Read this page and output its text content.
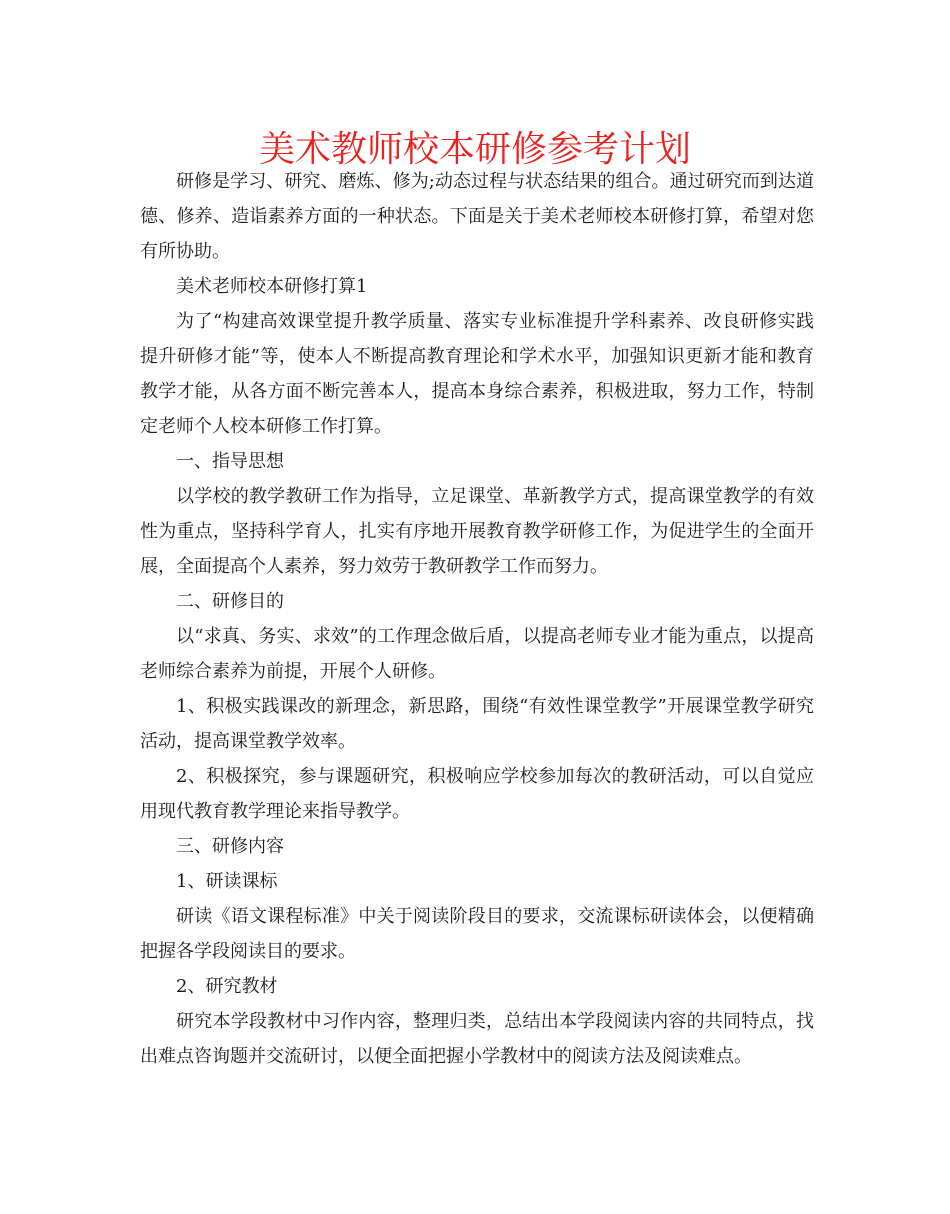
美术教师校本研修参考计划

研修是学习、研究、磨炼、修为;动态过程与状态结果的组合。通过研究而到达道德、修养、造诣素养方面的一种状态。下面是关于美术老师校本研修打算，希望对您有所协助。

美术老师校本研修打算1

为了“构建高效课堂提升教学质量、落实专业标准提升学科素养、改良研修实践提升研修才能”等，使本人不断提高教育理论和学术水平，加强知识更新才能和教育教学才能，从各方面不断完善本人，提高本身综合素养，积极进取，努力工作，特制定老师个人校本研修工作打算。

一、指导思想

以学校的教学教研工作为指导，立足课堂、革新教学方式，提高课堂教学的有效性为重点，坚持科学育人，扎实有序地开展教育教学研修工作，为促进学生的全面开展，全面提高个人素养，努力效劳于教研教学工作而努力。

二、研修目的

以“求真、务实、求效”的工作理念做后盾，以提高老师专业才能为重点，以提高老师综合素养为前提，开展个人研修。

1、积极实践课改的新理念，新思路，围绕“有效性课堂教学”开展课堂教学研究活动，提高课堂教学效率。

2、积极探究，参与课题研究，积极响应学校参加每次的教研活动，可以自觉应用现代教育教学理论来指导教学。

三、研修内容

1、研读课标

研读《语文课程标准》中关于阅读阶段目的要求，交流课标研读体会，以便精确把握各学段阅读目的要求。

2、研究教材

研究本学段教材中习作内容，整理归类，总结出本学段阅读内容的共同特点，找出难点咨询题并交流研讨，以便全面把握小学教材中的阅读方法及阅读难点。
